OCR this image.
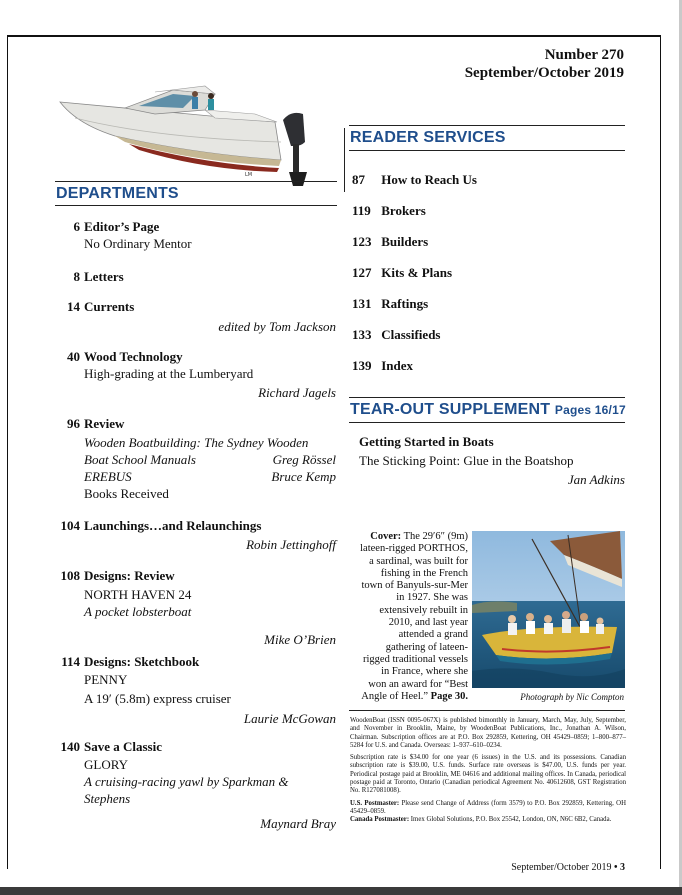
Number 270
September/October 2019
LM
DEPARTMENTS
6 Editor’s Page
No Ordinary Mentor
8 Letters
14 Currents
edited by Tom Jackson
40 Wood Technology
High-grading at the Lumberyard
Richard Jagels
96 Review
Wooden Boatbuilding: The Sydney Wooden
Boat School Manuals	Greg Rössel
EREBUS	Bruce Kemp
Books Received
104 Launchings…and Relaunchings
Robin Jettinghoff
108 Designs: Review
NORTH HAVEN 24
A pocket lobsterboat
Mike O’Brien
114 Designs: Sketchbook
PENNY
A 19′ (5.8m) express cruiser
Laurie McGowan
140 Save a Classic
GLORY
A cruising-racing yawl by Sparkman &
Stephens
Maynard Bray
READER SERVICES
87 How to Reach Us
119 Brokers
123 Builders
127 Kits & Plans
131 Raftings
133 Classifieds
139 Index
TEAR-OUT SUPPLEMENT Pages 16/17
Getting Started in Boats
The Sticking Point: Glue in the Boatshop
Jan Adkins
Cover: The 29′6″ (9m)
lateen-rigged PORTHOS,
a sardinal, was built for
fishing in the French
town of Banyuls-sur-Mer
in 1927. She was
extensively rebuilt in
2010, and last year
attended a grand
gathering of lateen-
rigged traditional vessels
in France, where she
won an award for “Best
Angle of Heel.” Page 30.	Photograph by Nic Compton

WoodenBoat (ISSN 0095-067X) is published bimonthly in January, March, May, July, September, and November in Brooklin, Maine, by WoodenBoat Publications, Inc., Jonathan A. Wilson, Chairman. Subscription offices are at P.O. Box 292859, Kettering, OH 45429–0859; 1–800–877–5284 for U.S. and Canada. Overseas: 1–937–610–0234.

Subscription rate is $34.00 for one year (6 issues) in the U.S. and its possessions. Canadian subscription rate is $39.00, U.S. funds. Surface rate overseas is $47.00, U.S. funds per year. Periodical postage paid at Brooklin, ME 04616 and additional mailing offices. In Canada, periodical postage paid at Toronto, Ontario (Canadian periodical Agreement No. 40612608, GST Registration No. R127081008).

U.S. Postmaster: Please send Change of Address (form 3579) to P.O. Box 292859, Kettering, OH 45429–0859.

Canada Postmaster: Imex Global Solutions, P.O. Box 25542, London, ON, N6C 6B2, Canada.

September/October 2019 • 3
